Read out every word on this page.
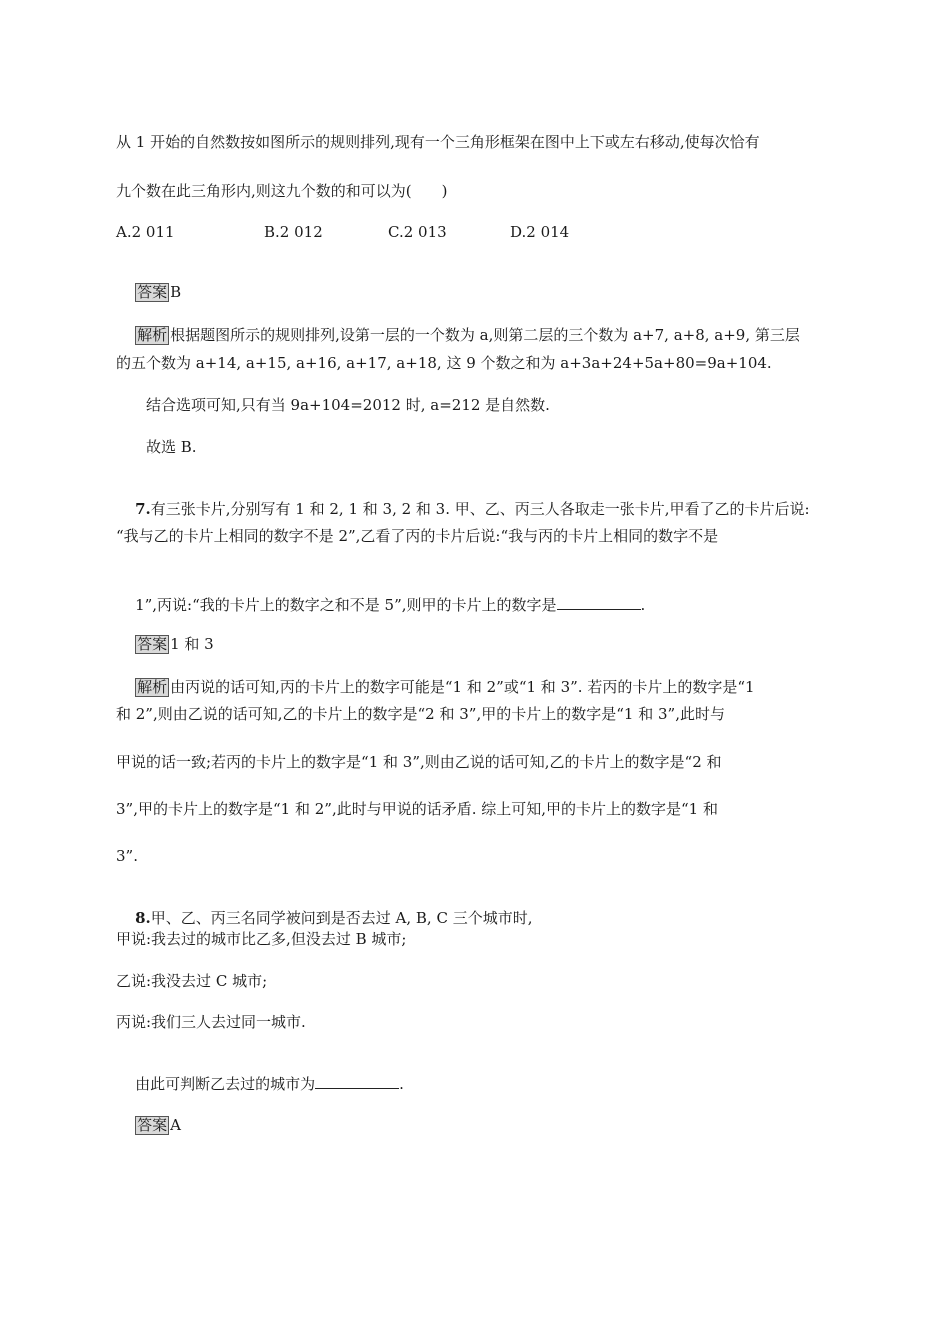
从 1 开始的自然数按如图所示的规则排列,现有一个三角形框架在图中上下或左右移动,使每次恰有
九个数在此三角形内,则这九个数的和可以为(　　)
A.2 011	B.2 012	C.2 013	D.2 014

答案 B

解析 根据题图所示的规则排列,设第一层的一个数为 a,则第二层的三个数为 a+7, a+8, a+9, 第三层

的五个数为 a+14, a+15, a+16, a+17, a+18, 这 9 个数之和为 a+3a+24+5a+80=9a+104.
结合选项可知,只有当 9a+104=2012 时, a=212 是自然数.
故选 B.

7.有三张卡片,分别写有 1 和 2, 1 和 3, 2 和 3. 甲、乙、丙三人各取走一张卡片,甲看了乙的卡片后说:

“我与乙的卡片上相同的数字不是 2”,乙看了丙的卡片后说:“我与丙的卡片上相同的数字不是

1”,丙说:“我的卡片上的数字之和不是 5”,则甲的卡片上的数字是	.

答案 1 和 3

解析 由丙说的话可知,丙的卡片上的数字可能是“1 和 2”或“1 和 3”. 若丙的卡片上的数字是“1

和 2”,则由乙说的话可知,乙的卡片上的数字是“2 和 3”,甲的卡片上的数字是“1 和 3”,此时与
甲说的话一致;若丙的卡片上的数字是“1 和 3”,则由乙说的话可知,乙的卡片上的数字是“2 和
3”,甲的卡片上的数字是“1 和 2”,此时与甲说的话矛盾. 综上可知,甲的卡片上的数字是“1 和
3”.

8.甲、乙、丙三名同学被问到是否去过 A, B, C 三个城市时,

甲说:我去过的城市比乙多,但没去过 B 城市;
乙说:我没去过 C 城市;
丙说:我们三人去过同一城市.

由此可判断乙去过的城市为	.

答案 A
